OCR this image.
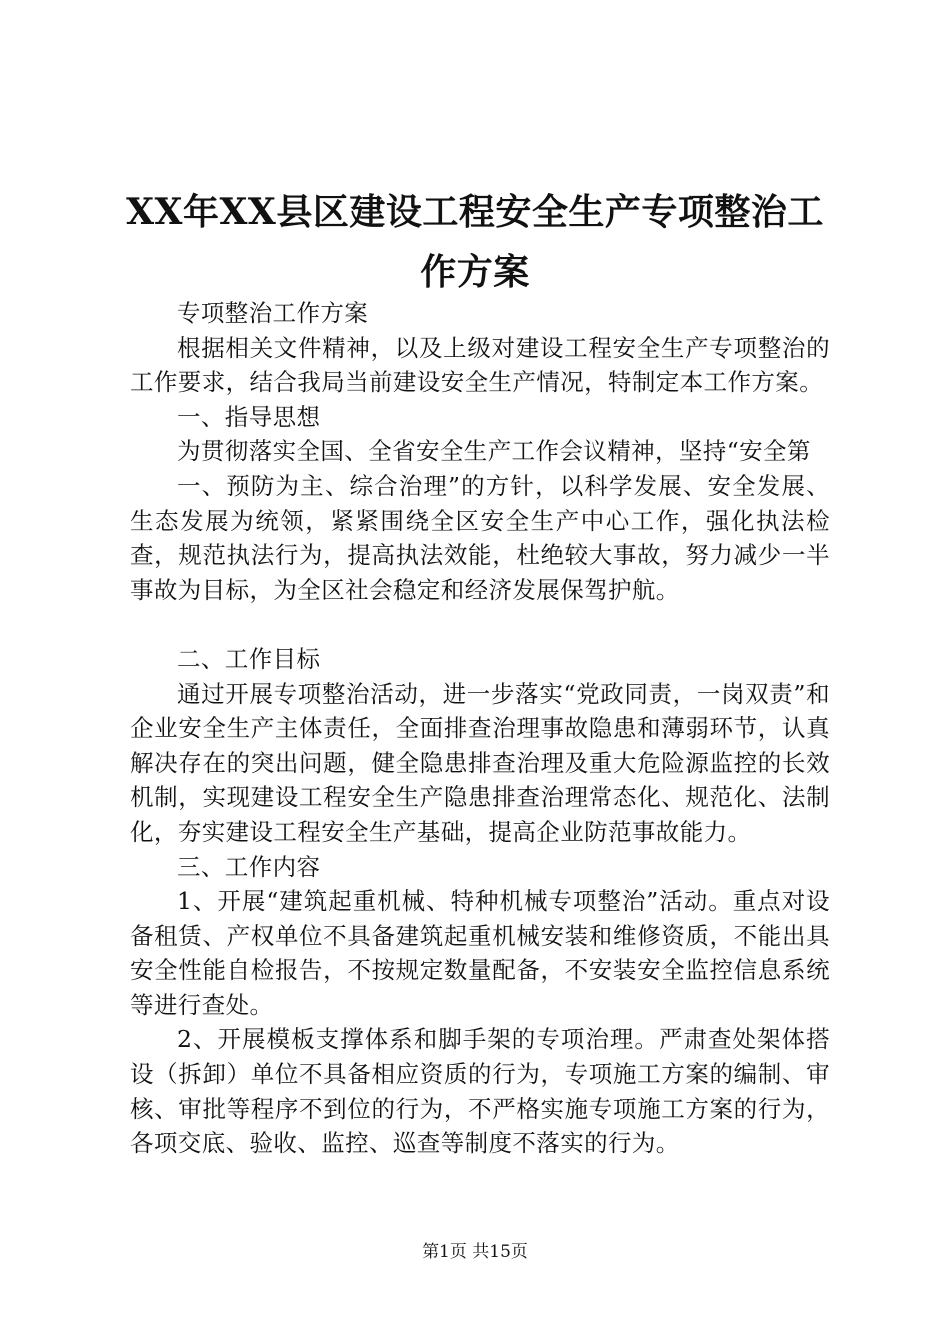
XX年XX县区建设工程安全生产专项整治工作方案

专项整治工作方案

根据相关文件精神，以及上级对建设工程安全生产专项整治的工作要求，结合我局当前建设安全生产情况，特制定本工作方案。

一、指导思想

为贯彻落实全国、全省安全生产工作会议精神，坚持“安全第

一、预防为主、综合治理”的方针，以科学发展、安全发展、生态发展为统领，紧紧围绕全区安全生产中心工作，强化执法检查，规范执法行为，提高执法效能，杜绝较大事故，努力减少一半事故为目标，为全区社会稳定和经济发展保驾护航。

二、工作目标

通过开展专项整治活动，进一步落实“党政同责，一岗双责”和企业安全生产主体责任，全面排查治理事故隐患和薄弱环节，认真解决存在的突出问题，健全隐患排查治理及重大危险源监控的长效机制，实现建设工程安全生产隐患排查治理常态化、规范化、法制化，夯实建设工程安全生产基础，提高企业防范事故能力。

三、工作内容

1、开展“建筑起重机械、特种机械专项整治”活动。重点对设备租赁、产权单位不具备建筑起重机械安装和维修资质，不能出具安全性能自检报告，不按规定数量配备，不安装安全监控信息系统等进行查处。

2、开展模板支撑体系和脚手架的专项治理。严肃查处架体搭设（拆卸）单位不具备相应资质的行为，专项施工方案的编制、审核、审批等程序不到位的行为，不严格实施专项施工方案的行为，各项交底、验收、监控、巡查等制度不落实的行为。

第1页 共15页
